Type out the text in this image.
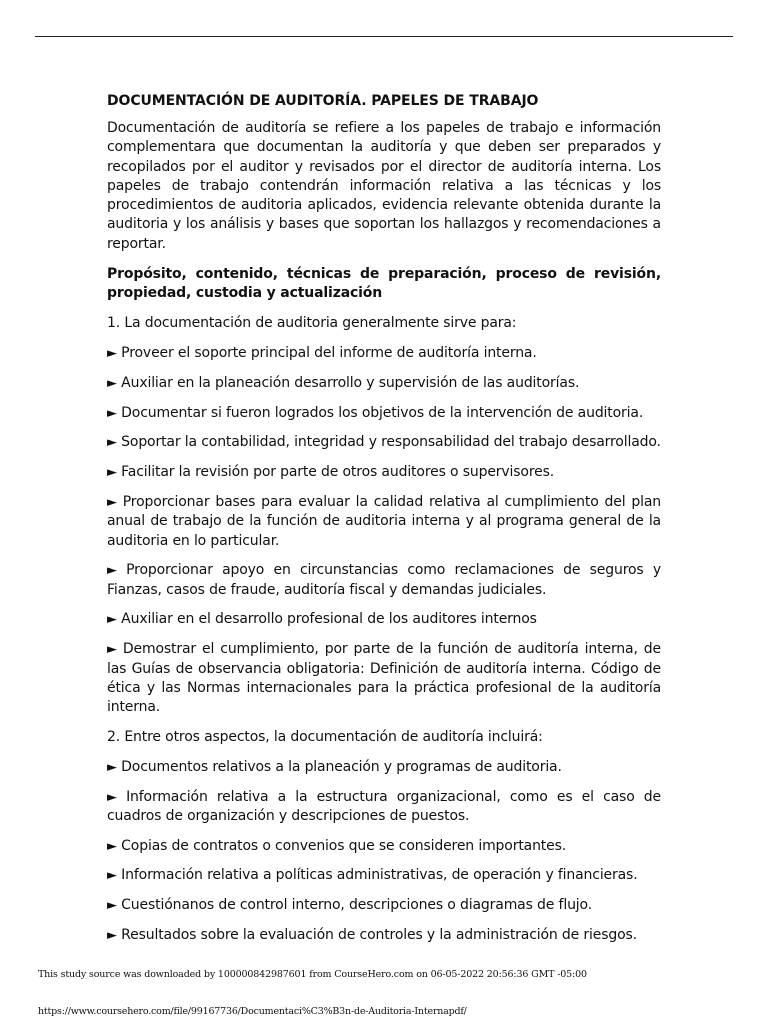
DOCUMENTACIÓN DE AUDITORÍA. PAPELES DE TRABAJO

Documentación de auditoría se refiere a los papeles de trabajo e información complementara que documentan la auditoría y que deben ser preparados y recopilados por el auditor y revisados por el director de auditoría interna. Los papeles de trabajo contendrán información relativa a las técnicas y los procedimientos de auditoria aplicados, evidencia relevante obtenida durante la auditoria y los análisis y bases que soportan los hallazgos y recomendaciones a reportar.

Propósito, contenido, técnicas de preparación, proceso de revisión, propiedad, custodia y actualización

1. La documentación de auditoria generalmente sirve para:

► Proveer el soporte principal del informe de auditoría interna.

► Auxiliar en la planeación desarrollo y supervisión de las auditorías.

► Documentar si fueron logrados los objetivos de la intervención de auditoria.

► Soportar la contabilidad, integridad y responsabilidad del trabajo desarrollado.

► Facilitar la revisión por parte de otros auditores o supervisores.

► Proporcionar bases para evaluar la calidad relativa al cumplimiento del plan anual de trabajo de la función de auditoria interna y al programa general de la auditoria en lo particular.

► Proporcionar apoyo en circunstancias como reclamaciones de seguros y Fianzas, casos de fraude, auditoría fiscal y demandas judiciales.

► Auxiliar en el desarrollo profesional de los auditores internos

► Demostrar el cumplimiento, por parte de la función de auditoría interna, de las Guías de observancia obligatoria: Definición de auditoría interna. Código de ética y las Normas internacionales para la práctica profesional de la auditoría interna.

2. Entre otros aspectos, la documentación de auditoría incluirá:

► Documentos relativos a la planeación y programas de auditoria.

► Información relativa a la estructura organizacional, como es el caso de cuadros de organización y descripciones de puestos.

► Copias de contratos o convenios que se consideren importantes.

► Información relativa a políticas administrativas, de operación y financieras.

► Cuestiónanos de control interno, descripciones o diagramas de flujo.

► Resultados sobre la evaluación de controles y la administración de riesgos.

This study source was downloaded by 100000842987601 from CourseHero.com on 06-05-2022 20:56:36 GMT -05:00
https://www.coursehero.com/file/99167736/Documentaci%C3%B3n-de-Auditoria-Internapdf/
